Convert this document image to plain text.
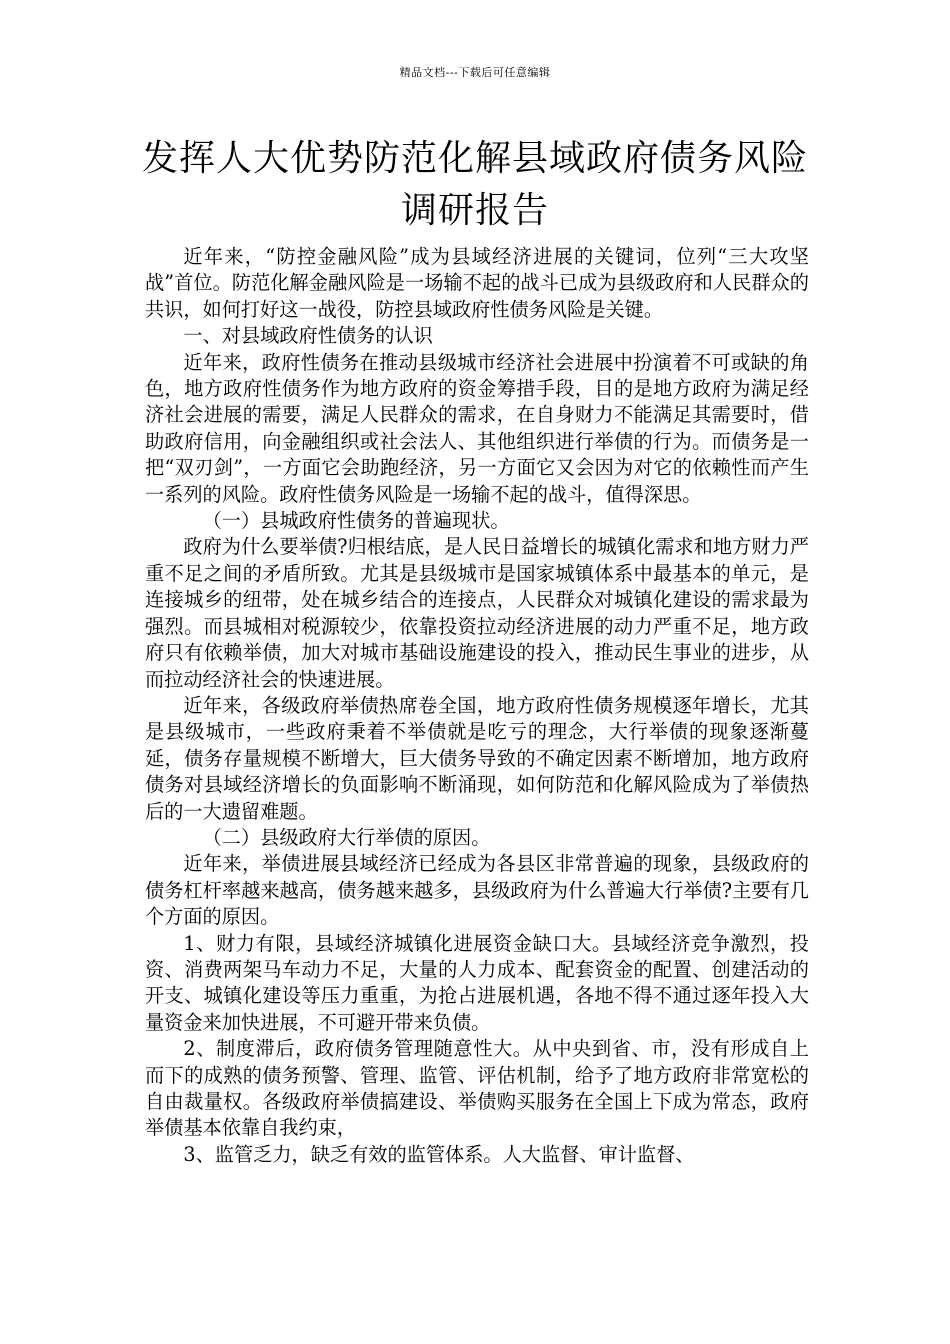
精品文档---下载后可任意编辑
发挥人大优势防范化解县域政府债务风险
调研报告

近年来，“防控金融风险”成为县域经济进展的关键词，位列“三大攻坚战”首位。防范化解金融风险是一场输不起的战斗已成为县级政府和人民群众的共识，如何打好这一战役，防控县域政府性债务风险是关键。

一、对县域政府性债务的认识

近年来，政府性债务在推动县级城市经济社会进展中扮演着不可或缺的角色，地方政府性债务作为地方政府的资金筹措手段，目的是地方政府为满足经济社会进展的需要，满足人民群众的需求，在自身财力不能满足其需要时，借助政府信用，向金融组织或社会法人、其他组织进行举债的行为。而债务是一把“双刃剑”，一方面它会助跑经济，另一方面它又会因为对它的依赖性而产生一系列的风险。政府性债务风险是一场输不起的战斗，值得深思。

（一）县城政府性债务的普遍现状。

政府为什么要举债?归根结底，是人民日益增长的城镇化需求和地方财力严重不足之间的矛盾所致。尤其是县级城市是国家城镇体系中最基本的单元，是连接城乡的纽带，处在城乡结合的连接点，人民群众对城镇化建设的需求最为强烈。而县城相对税源较少，依靠投资拉动经济进展的动力严重不足，地方政府只有依赖举债，加大对城市基础设施建设的投入，推动民生事业的进步，从而拉动经济社会的快速进展。

近年来，各级政府举债热席卷全国，地方政府性债务规模逐年增长，尤其是县级城市，一些政府秉着不举债就是吃亏的理念，大行举债的现象逐渐蔓延，债务存量规模不断增大，巨大债务导致的不确定因素不断增加，地方政府债务对县域经济增长的负面影响不断涌现，如何防范和化解风险成为了举债热后的一大遗留难题。

（二）县级政府大行举债的原因。

近年来，举债进展县域经济已经成为各县区非常普遍的现象，县级政府的债务杠杆率越来越高，债务越来越多，县级政府为什么普遍大行举债?主要有几个方面的原因。

1、财力有限，县域经济城镇化进展资金缺口大。县域经济竞争激烈，投资、消费两架马车动力不足，大量的人力成本、配套资金的配置、创建活动的开支、城镇化建设等压力重重，为抢占进展机遇，各地不得不通过逐年投入大量资金来加快进展，不可避开带来负债。

2、制度滞后，政府债务管理随意性大。从中央到省、市，没有形成自上而下的成熟的债务预警、管理、监管、评估机制，给予了地方政府非常宽松的自由裁量权。各级政府举债搞建设、举债购买服务在全国上下成为常态，政府举债基本依靠自我约束，

3、监管乏力，缺乏有效的监管体系。人大监督、审计监督、
